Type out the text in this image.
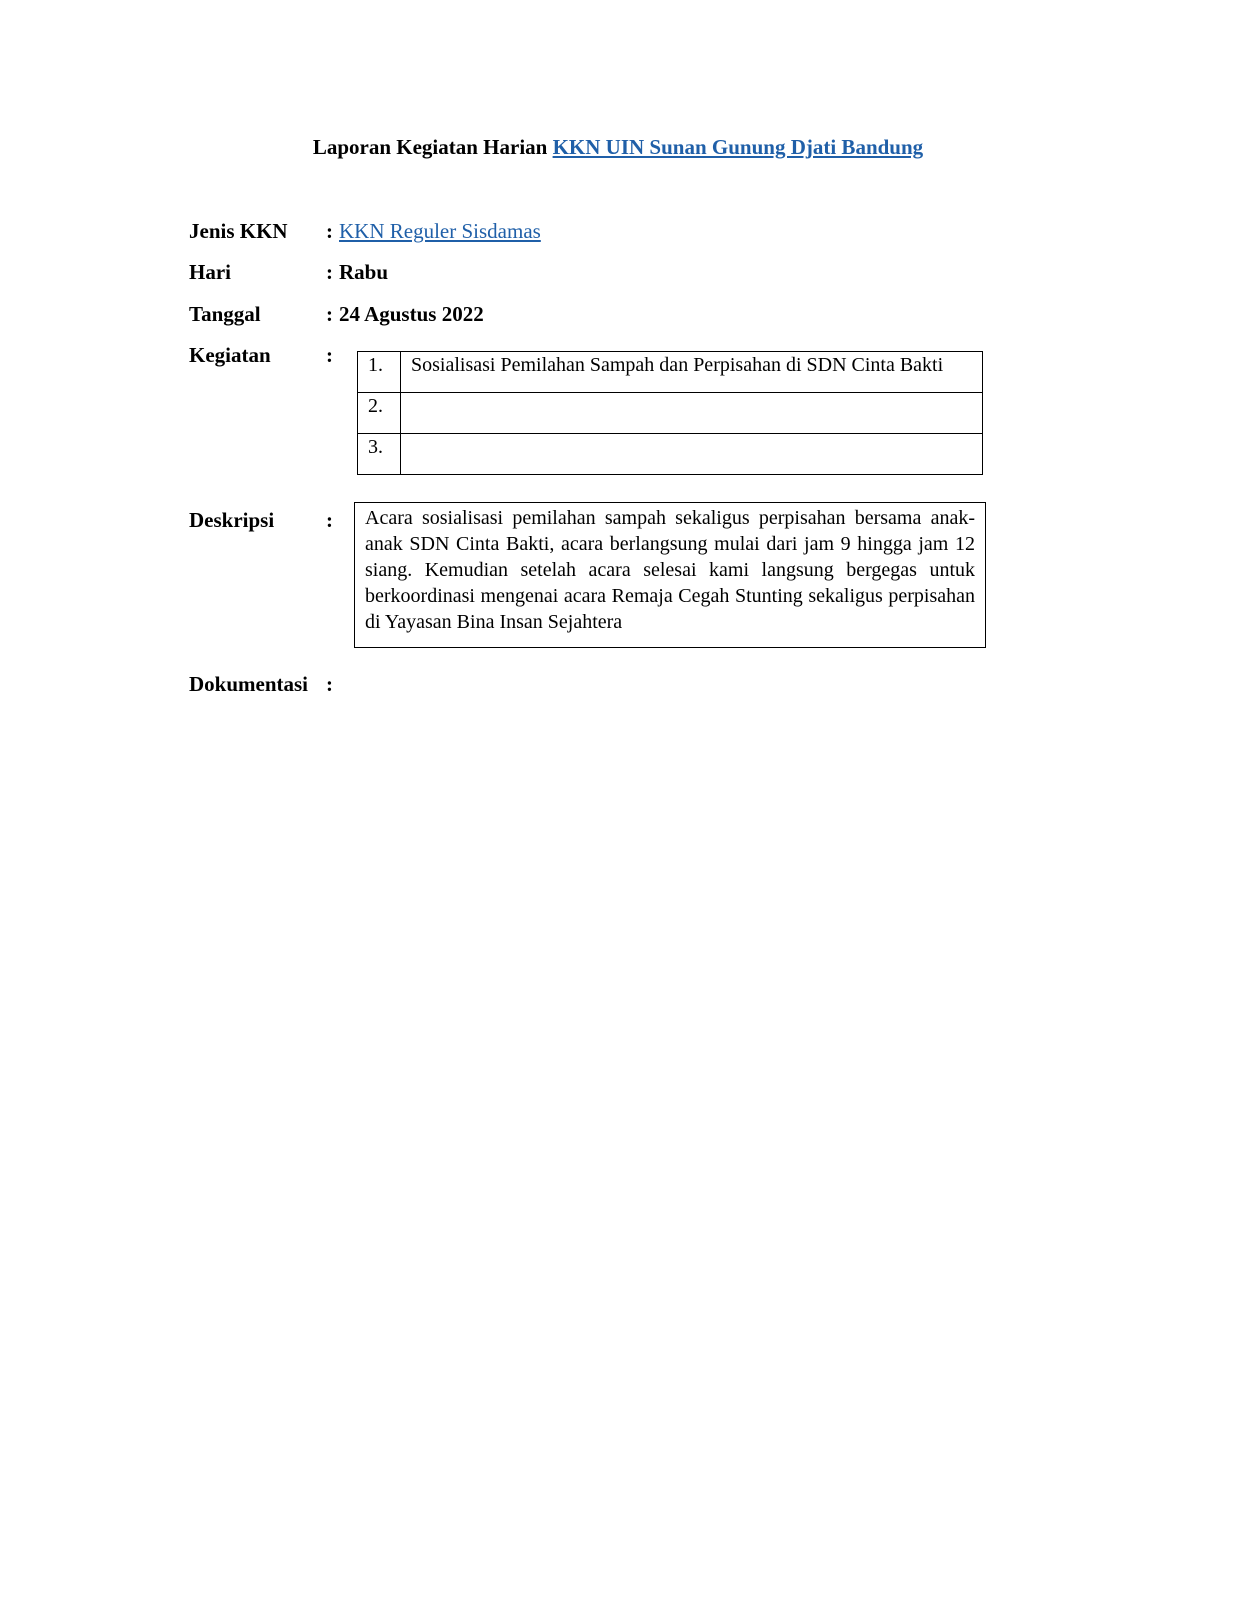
Laporan Kegiatan Harian KKN UIN Sunan Gunung Djati Bandung
Jenis KKN : KKN Reguler Sisdamas
Hari	: Rabu
Tanggal	: 24 Agustus 2022
Kegiatan	: 1.	Sosialisasi Pemilahan Sampah dan Perpisahan di SDN Cinta Bakti
2.	
3.	
Deskripsi :	Acara sosialisasi pemilahan sampah sekaligus perpisahan bersama anak-anak SDN Cinta Bakti, acara berlangsung mulai dari jam 9 hingga jam 12 siang. Kemudian setelah acara selesai kami langsung bergegas untuk berkoordinasi mengenai acara Remaja Cegah Stunting sekaligus perpisahan di Yayasan Bina Insan Sejahtera
Dokumentasi :
